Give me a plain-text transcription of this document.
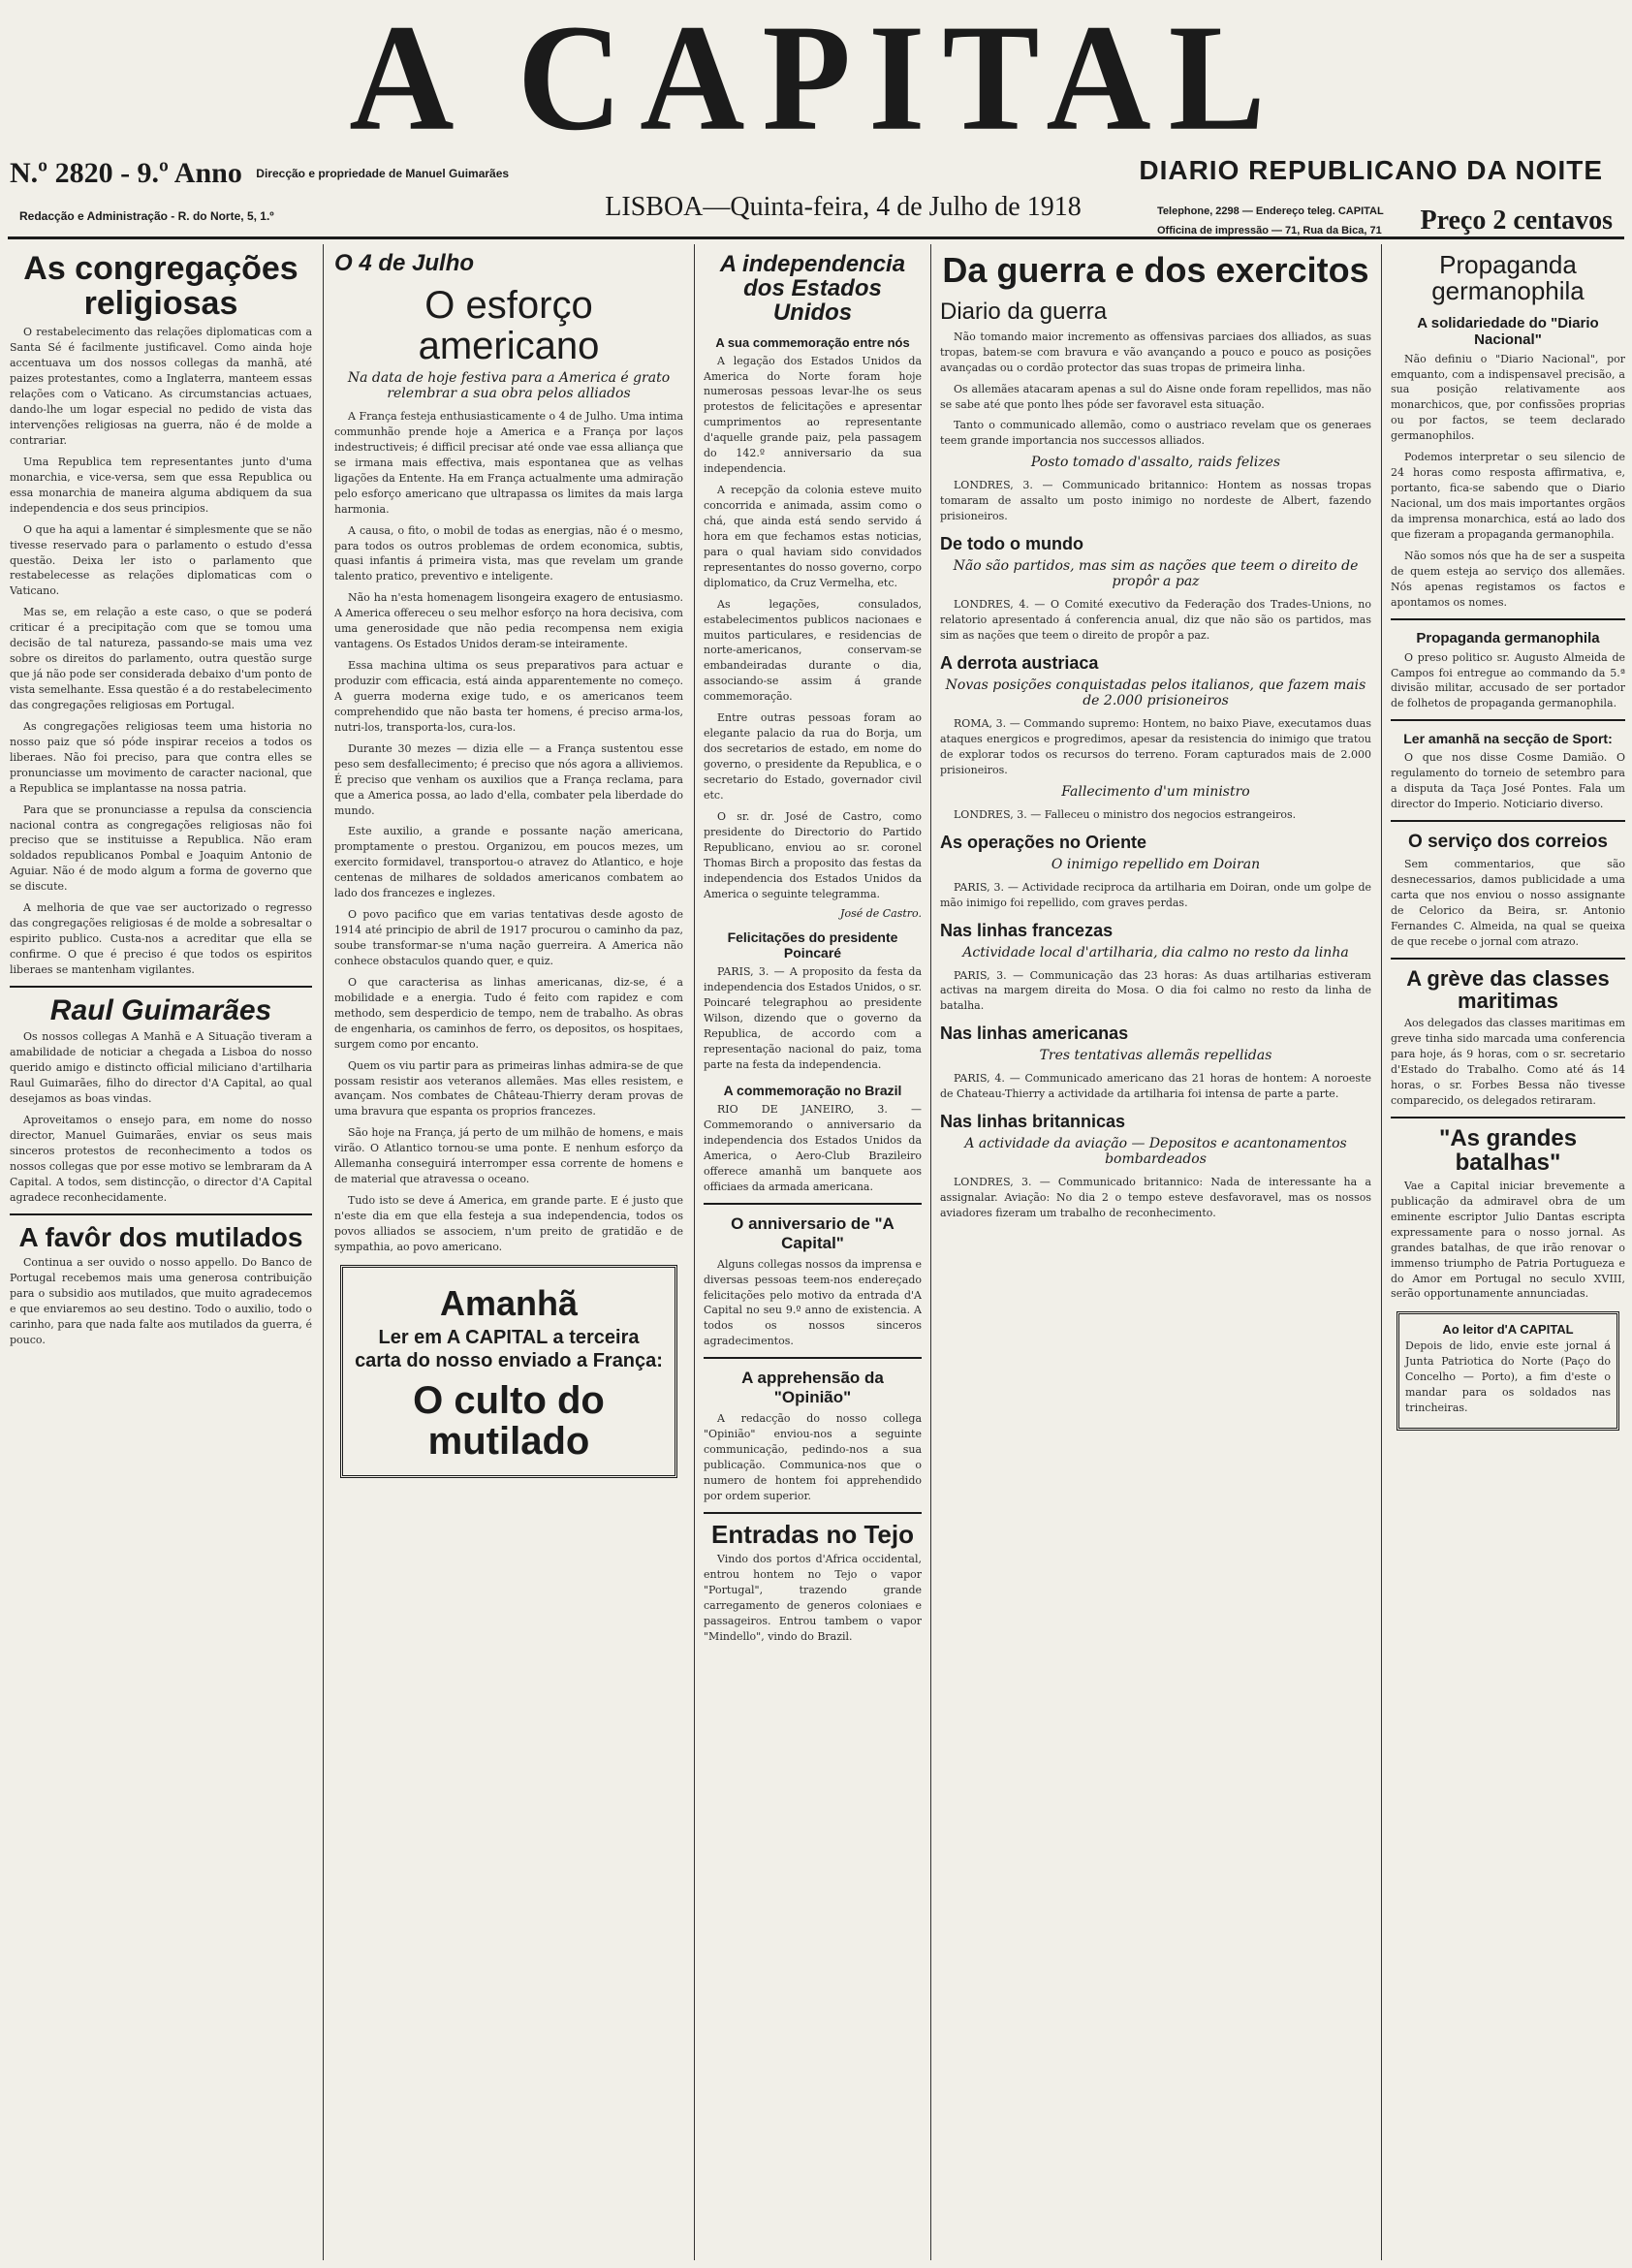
A CAPITAL
N.º 2820 - 9.º Anno Direcção e propriedade de Manuel Guimarães	DIARIO REPUBLICANO DA NOITE
Redacção e Administração - R. do Norte, 5, 1.º	LISBOA—Quinta-feira, 4 de Julho de 1918	Telephone, 2298 — Endereço teleg. CAPITAL
Officina de impressão — 71, Rua da Bica, 71	Preço 2 centavos
As congregações religiosas

O restabelecimento das relações diplomaticas com a Santa Sé é facilmente justificavel. Como ainda hoje accentuava um dos nossos collegas da manhã, até paizes protestantes, como a Inglaterra, manteem essas relações com o Vaticano. As circumstancias actuaes, dando-lhe um logar especial no pedido de vista das intervenções religiosas na guerra, não é de molde a contrariar.

Uma Republica tem representantes junto d'uma monarchia, e vice-versa, sem que essa Republica ou essa monarchia de maneira alguma abdiquem da sua independencia e dos seus principios.

O que ha aqui a lamentar é simplesmente que se não tivesse reservado para o parlamento o estudo d'essa questão. Deixa ler isto o parlamento que restabelecesse as relações diplomaticas com o Vaticano.

Mas se, em relação a este caso, o que se poderá criticar é a precipitação com que se tomou uma decisão de tal natureza, passando-se mais uma vez sobre os direitos do parlamento, outra questão surge que já não pode ser considerada debaixo d'um ponto de vista semelhante. Essa questão é a do restabelecimento das congregações religiosas em Portugal.

As congregações religiosas teem uma historia no nosso paiz que só póde inspirar receios a todos os liberaes. Não foi preciso, para que contra elles se pronunciasse um movimento de caracter nacional, que a Republica se implantasse na nossa patria.

Para que se pronunciasse a repulsa da consciencia nacional contra as congregações religiosas não foi preciso que se instituisse a Republica. Não eram soldados republicanos Pombal e Joaquim Antonio de Aguiar. Não é de modo algum a forma de governo que se discute.

A melhoria de que vae ser auctorizado o regresso das congregações religiosas é de molde a sobresaltar o espirito publico. Custa-nos a acreditar que ella se confirme. O que é preciso é que todos os espiritos liberaes se mantenham vigilantes.

Raul Guimarães

Os nossos collegas A Manhã e A Situação tiveram a amabilidade de noticiar a chegada a Lisboa do nosso querido amigo e distincto official miliciano d'artilharia Raul Guimarães, filho do director d'A Capital, ao qual desejamos as boas vindas.

Aproveitamos o ensejo para, em nome do nosso director, Manuel Guimarães, enviar os seus mais sinceros protestos de reconhecimento a todos os nossos collegas que por esse motivo se lembraram da A Capital. A todos, sem distincção, o director d'A Capital agradece reconhecidamente.

A favôr dos mutilados

Continua a ser ouvido o nosso appello. Do Banco de Portugal recebemos mais uma generosa contribuição para o subsidio aos mutilados, que muito agradecemos e que enviaremos ao seu destino. Todo o auxilio, todo o carinho, para que nada falte aos mutilados da guerra, é pouco.

O 4 de Julho
O esforço americano
Na data de hoje festiva para a America é grato relembrar a sua obra pelos alliados

A França festeja enthusiasticamente o 4 de Julho. Uma intima communhão prende hoje a America e a França por laços indestructiveis; é difficil precisar até onde vae essa alliança que se irmana mais effectiva, mais espontanea que as velhas ligações da Entente. Ha em França actualmente uma admiração pelo esforço americano que ultrapassa os limites da mais larga harmonia.

A causa, o fito, o mobil de todas as energias, não é o mesmo, para todos os outros problemas de ordem economica, subtis, quasi infantis á primeira vista, mas que revelam um grande talento pratico, preventivo e inteligente.

Não ha n'esta homenagem lisongeira exagero de entusiasmo. A America offereceu o seu melhor esforço na hora decisiva, com uma generosidade que não pedia recompensa nem exigia vantagens. Os Estados Unidos deram-se inteiramente.

Essa machina ultima os seus preparativos para actuar e produzir com efficacia, está ainda apparentemente no começo. A guerra moderna exige tudo, e os americanos teem comprehendido que não basta ter homens, é preciso arma-los, nutri-los, transporta-los, cura-los.

Durante 30 mezes — dizia elle — a França sustentou esse peso sem desfallecimento; é preciso que nós agora a alliviemos. É preciso que venham os auxilios que a França reclama, para que a America possa, ao lado d'ella, combater pela liberdade do mundo.

Este auxilio, a grande e possante nação americana, promptamente o prestou. Organizou, em poucos mezes, um exercito formidavel, transportou-o atravez do Atlantico, e hoje centenas de milhares de soldados americanos combatem ao lado dos francezes e inglezes.

O povo pacifico que em varias tentativas desde agosto de 1914 até principio de abril de 1917 procurou o caminho da paz, soube transformar-se n'uma nação guerreira. A America não conhece obstaculos quando quer, e quiz.

O que caracterisa as linhas americanas, diz-se, é a mobilidade e a energia. Tudo é feito com rapidez e com methodo, sem desperdicio de tempo, nem de trabalho. As obras de engenharia, os caminhos de ferro, os depositos, os hospitaes, surgem como por encanto.

Quem os viu partir para as primeiras linhas admira-se de que possam resistir aos veteranos allemães. Mas elles resistem, e avançam. Nos combates de Château-Thierry deram provas de uma bravura que espanta os proprios francezes.

São hoje na França, já perto de um milhão de homens, e mais virão. O Atlantico tornou-se uma ponte. E nenhum esforço da Allemanha conseguirá interromper essa corrente de homens e de material que atravessa o oceano.

Tudo isto se deve á America, em grande parte. E é justo que n'este dia em que ella festeja a sua independencia, todos os povos alliados se associem, n'um preito de gratidão e de sympathia, ao povo americano.

Amanhã
Ler em A CAPITAL a terceira carta do nosso enviado a França:
O culto do mutilado
A independencia dos Estados Unidos
A sua commemoração entre nós

A legação dos Estados Unidos da America do Norte foram hoje numerosas pessoas levar-lhe os seus protestos de felicitações e apresentar cumprimentos ao representante d'aquelle grande paiz, pela passagem do 142.º anniversario da sua independencia.

A recepção da colonia esteve muito concorrida e animada, assim como o chá, que ainda está sendo servido á hora em que fechamos estas noticias, para o qual haviam sido convidados representantes do nosso governo, corpo diplomatico, da Cruz Vermelha, etc.

As legações, consulados, estabelecimentos publicos nacionaes e muitos particulares, e residencias de norte-americanos, conservam-se embandeiradas durante o dia, associando-se assim á grande commemoração.

Entre outras pessoas foram ao elegante palacio da rua do Borja, um dos secretarios de estado, em nome do governo, o presidente da Republica, e o secretario do Estado, governador civil etc.

O sr. dr. José de Castro, como presidente do Directorio do Partido Republicano, enviou ao sr. coronel Thomas Birch a proposito das festas da independencia dos Estados Unidos da America o seguinte telegramma.

José de Castro.
Felicitações do presidente Poincaré

PARIS, 3. — A proposito da festa da independencia dos Estados Unidos, o sr. Poincaré telegraphou ao presidente Wilson, dizendo que o governo da Republica, de accordo com a representação nacional do paiz, toma parte na festa da independencia.

A commemoração no Brazil

RIO DE JANEIRO, 3. — Commemorando o anniversario da independencia dos Estados Unidos da America, o Aero-Club Brazileiro offerece amanhã um banquete aos officiaes da armada americana.

O anniversario de "A Capital"

Alguns collegas nossos da imprensa e diversas pessoas teem-nos endereçado felicitações pelo motivo da entrada d'A Capital no seu 9.º anno de existencia. A todos os nossos sinceros agradecimentos.

A apprehensão da "Opinião"

A redacção do nosso collega "Opinião" enviou-nos a seguinte communicação, pedindo-nos a sua publicação. Communica-nos que o numero de hontem foi apprehendido por ordem superior.

Entradas no Tejo

Vindo dos portos d'Africa occidental, entrou hontem no Tejo o vapor "Portugal", trazendo grande carregamento de generos coloniaes e passageiros. Entrou tambem o vapor "Mindello", vindo do Brazil.

Da guerra e dos exercitos
Diario da guerra

Não tomando maior incremento as offensivas parciaes dos alliados, as suas tropas, batem-se com bravura e vão avançando a pouco e pouco as posições avançadas ou o cordão protector das suas tropas de primeira linha.

Os allemães atacaram apenas a sul do Aisne onde foram repellidos, mas não se sabe até que ponto lhes póde ser favoravel esta situação.

Tanto o communicado allemão, como o austriaco revelam que os generaes teem grande importancia nos successos alliados.

Posto tomado d'assalto, raids felizes

LONDRES, 3. — Communicado britannico: Hontem as nossas tropas tomaram de assalto um posto inimigo no nordeste de Albert, fazendo prisioneiros.

De todo o mundo
Não são partidos, mas sim as nações que teem o direito de propôr a paz

LONDRES, 4. — O Comité executivo da Federação dos Trades-Unions, no relatorio apresentado á conferencia anual, diz que não são os partidos, mas sim as nações que teem o direito de propôr a paz.

A derrota austriaca
Novas posições conquistadas pelos italianos, que fazem mais de 2.000 prisioneiros

ROMA, 3. — Commando supremo: Hontem, no baixo Piave, executamos duas ataques energicos e progredimos, apesar da resistencia do inimigo que tratou de explorar todos os recursos do terreno. Foram capturados mais de 2.000 prisioneiros.

Fallecimento d'um ministro

LONDRES, 3. — Falleceu o ministro dos negocios estrangeiros.

As operações no Oriente
O inimigo repellido em Doiran

PARIS, 3. — Actividade reciproca da artilharia em Doiran, onde um golpe de mão inimigo foi repellido, com graves perdas.

Nas linhas francezas
Actividade local d'artilharia, dia calmo no resto da linha

PARIS, 3. — Communicação das 23 horas: As duas artilharias estiveram activas na margem direita do Mosa. O dia foi calmo no resto da linha de batalha.

Nas linhas americanas
Tres tentativas allemãs repellidas

PARIS, 4. — Communicado americano das 21 horas de hontem: A noroeste de Chateau-Thierry a actividade da artilharia foi intensa de parte a parte.

Nas linhas britannicas
A actividade da aviação — Depositos e acantonamentos bombardeados

LONDRES, 3. — Communicado britannico: Nada de interessante ha a assignalar. Aviação: No dia 2 o tempo esteve desfavoravel, mas os nossos aviadores fizeram um trabalho de reconhecimento.

Propaganda germanophila
A solidariedade do "Diario Nacional"

Não definiu o "Diario Nacional", por emquanto, com a indispensavel precisão, a sua posição relativamente aos monarchicos, que, por confissões proprias ou por factos, se teem declarado germanophilos.

Podemos interpretar o seu silencio de 24 horas como resposta affirmativa, e, portanto, fica-se sabendo que o Diario Nacional, um dos mais importantes orgãos da imprensa monarchica, está ao lado dos que fizeram a propaganda germanophila.

Não somos nós que ha de ser a suspeita de quem esteja ao serviço dos allemães. Nós apenas registamos os factos e apontamos os nomes.

Propaganda germanophila

O preso politico sr. Augusto Almeida de Campos foi entregue ao commando da 5.ª divisão militar, accusado de ser portador de folhetos de propaganda germanophila.

Ler amanhã na secção de Sport:

O que nos disse Cosme Damião. O regulamento do torneio de setembro para a disputa da Taça José Pontes. Fala um director do Imperio. Noticiario diverso.

O serviço dos correios

Sem commentarios, que são desnecessarios, damos publicidade a uma carta que nos enviou o nosso assignante de Celorico da Beira, sr. Antonio Fernandes C. Almeida, na qual se queixa de que recebe o jornal com atrazo.

A grève das classes maritimas

Aos delegados das classes maritimas em greve tinha sido marcada uma conferencia para hoje, ás 9 horas, com o sr. secretario d'Estado do Trabalho. Como até ás 14 horas, o sr. Forbes Bessa não tivesse comparecido, os delegados retiraram.

"As grandes batalhas"

Vae a Capital iniciar brevemente a publicação da admiravel obra de um eminente escriptor Julio Dantas escripta expressamente para o nosso jornal. As grandes batalhas, de que irão renovar o immenso triumpho de Patria Portugueza e do Amor em Portugal no seculo XVIII, serão opportunamente annunciadas.

Ao leitor d'A CAPITAL

Depois de lido, envie este jornal á Junta Patriotica do Norte (Paço do Concelho — Porto), a fim d'este o mandar para os soldados nas trincheiras.
